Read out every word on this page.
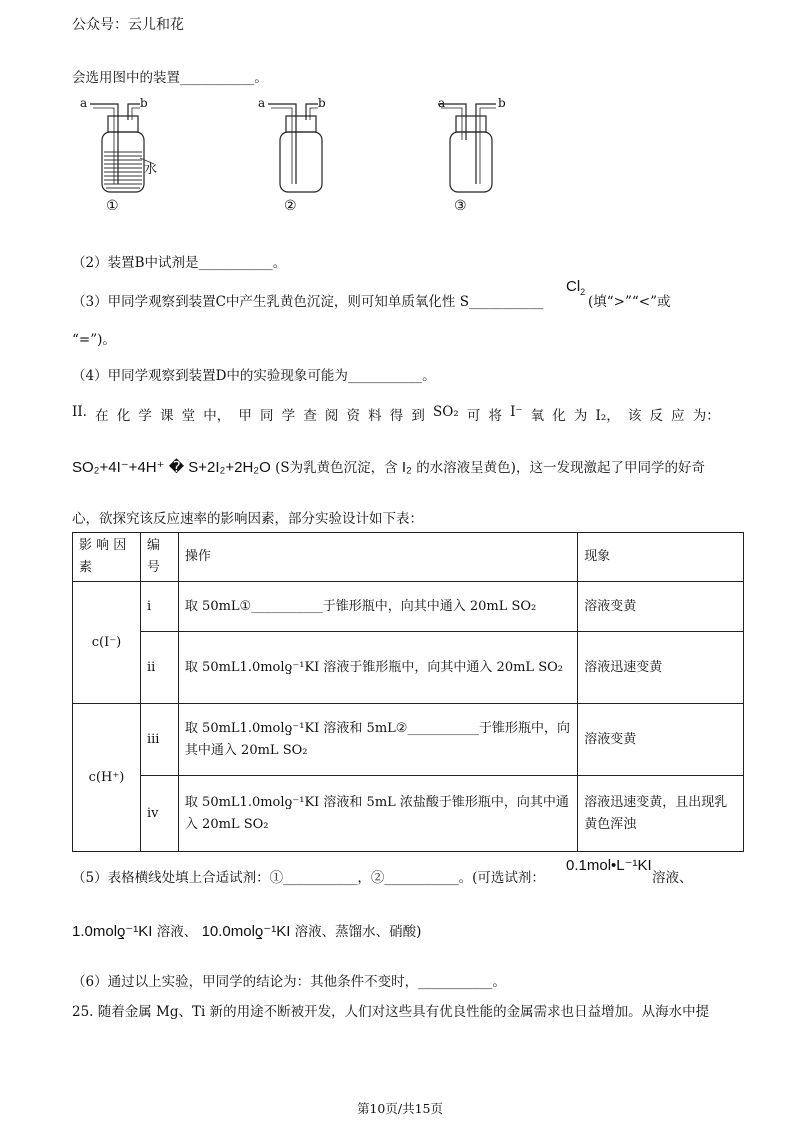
公众号：云儿和花
会选用图中的装置___________。
a	b
水
①
a	b
②
a	b
③
（2）装置B中试剂是___________。
（3）甲同学观察到装置C中产生乳黄色沉淀，则可知单质氧化性 S___________
$Cl_2$
(填“>”“<”或
“=”)。
（4）甲同学观察到装置D中的实验现象可能为___________。
II. 在 化 学 课 堂 中， 甲 同 学 查 阅 资 料 得 到 SO₂ 可 将 I⁻ 氧 化 为 I₂， 该 反 应 为：
SO₂+4I⁻+4H⁺ � S+2I₂+2H₂O (S为乳黄色沉淀，含 I₂ 的水溶液呈黄色)，这一发现激起了甲同学的好奇
心，欲探究该反应速率的影响因素，部分实验设计如下表：
影 响 因 素	编 号	操作	现象
c(I⁻)	i	取 50mL①___________于锥形瓶中，向其中通入 20mL SO₂	溶液变黄
	ii	取 50mL1.0molƍ⁻¹KI 溶液于锥形瓶中，向其中通入 20mL SO₂	溶液迅速变黄
c(H⁺)	iii	取 50mL1.0molƍ⁻¹KI 溶液和 5mL②___________于锥形瓶中，向其中通入 20mL SO₂	溶液变黄
	iv	取 50mL1.0molƍ⁻¹KI 溶液和 5mL 浓盐酸于锥形瓶中，向其中通入 20mL SO₂	溶液迅速变黄，且出现乳黄色浑浊
（5）表格横线处填上合适试剂：①___________，②___________。(可选试剂：
0.1mol•L⁻¹KI
溶液、
1.0molƍ⁻¹KI 溶液、 10.0molƍ⁻¹KI 溶液、蒸馏水、硝酸)
（6）通过以上实验，甲同学的结论为：其他条件不变时，___________。
25. 随着金属 Mg、Ti 新的用途不断被开发，人们对这些具有优良性能的金属需求也日益增加。从海水中提
第10页/共15页
